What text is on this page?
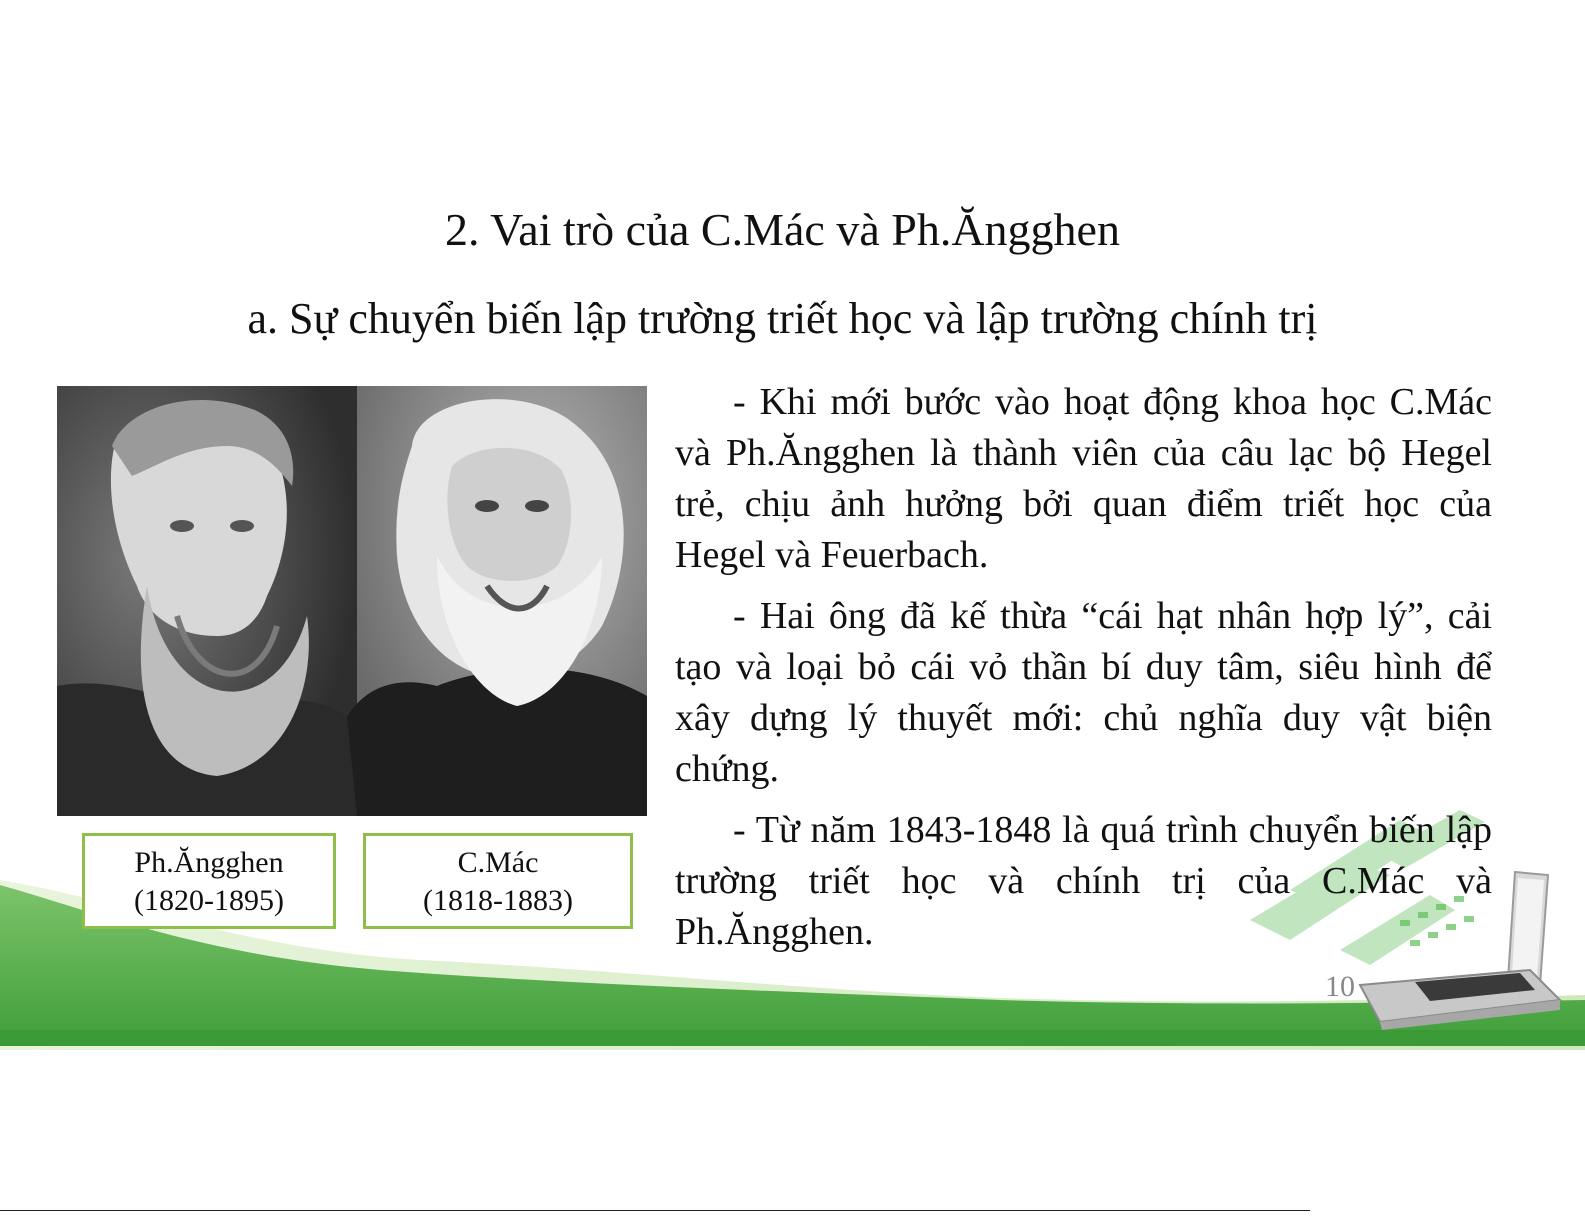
2. Vai trò của C.Mác và Ph.Ăngghen
a. Sự chuyển biến lập trường triết học và lập trường chính trị
Ph.Ăngghen
(1820-1895)
C.Mác
(1818-1883)

- Khi mới bước vào hoạt động khoa học C.Mác và Ph.Ăngghen là thành viên của câu lạc bộ Hegel trẻ, chịu ảnh hưởng bởi quan điểm triết học của Hegel và Feuerbach.

- Hai ông đã kế thừa “cái hạt nhân hợp lý”, cải tạo và loại bỏ cái vỏ thần bí duy tâm, siêu hình để xây dựng lý thuyết mới: chủ nghĩa duy vật biện chứng.

- Từ năm 1843-1848 là quá trình chuyển biến lập trường triết học và chính trị của C.Mác và Ph.Ăngghen.

10
